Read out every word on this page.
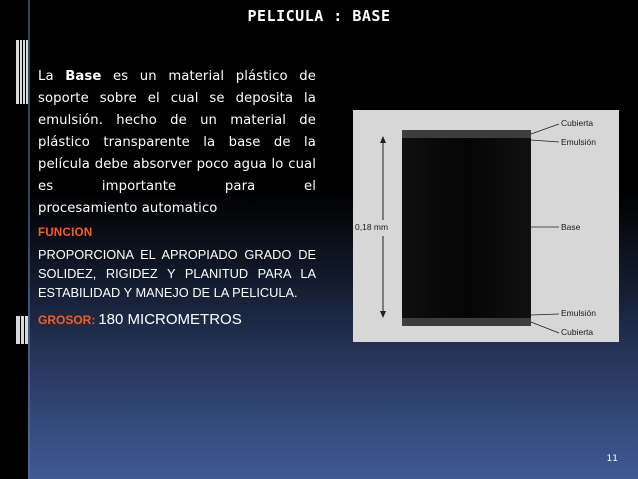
PELICULA : BASE

La Base es un material plástico de soporte sobre el cual se deposita la emulsión. hecho de un material de plástico transparente la base de la película debe absorver poco agua lo cual es importante para el procesamiento automatico

FUNCION

PROPORCIONA EL APROPIADO GRADO DE SOLIDEZ, RIGIDEZ Y PLANITUD PARA LA ESTABILIDAD Y MANEJO DE LA PELICULA.

GROSOR: 180 MICROMETROS
0,18 mm
Cubierta
Emulsión
Base
Emulsión
Cubierta
11
